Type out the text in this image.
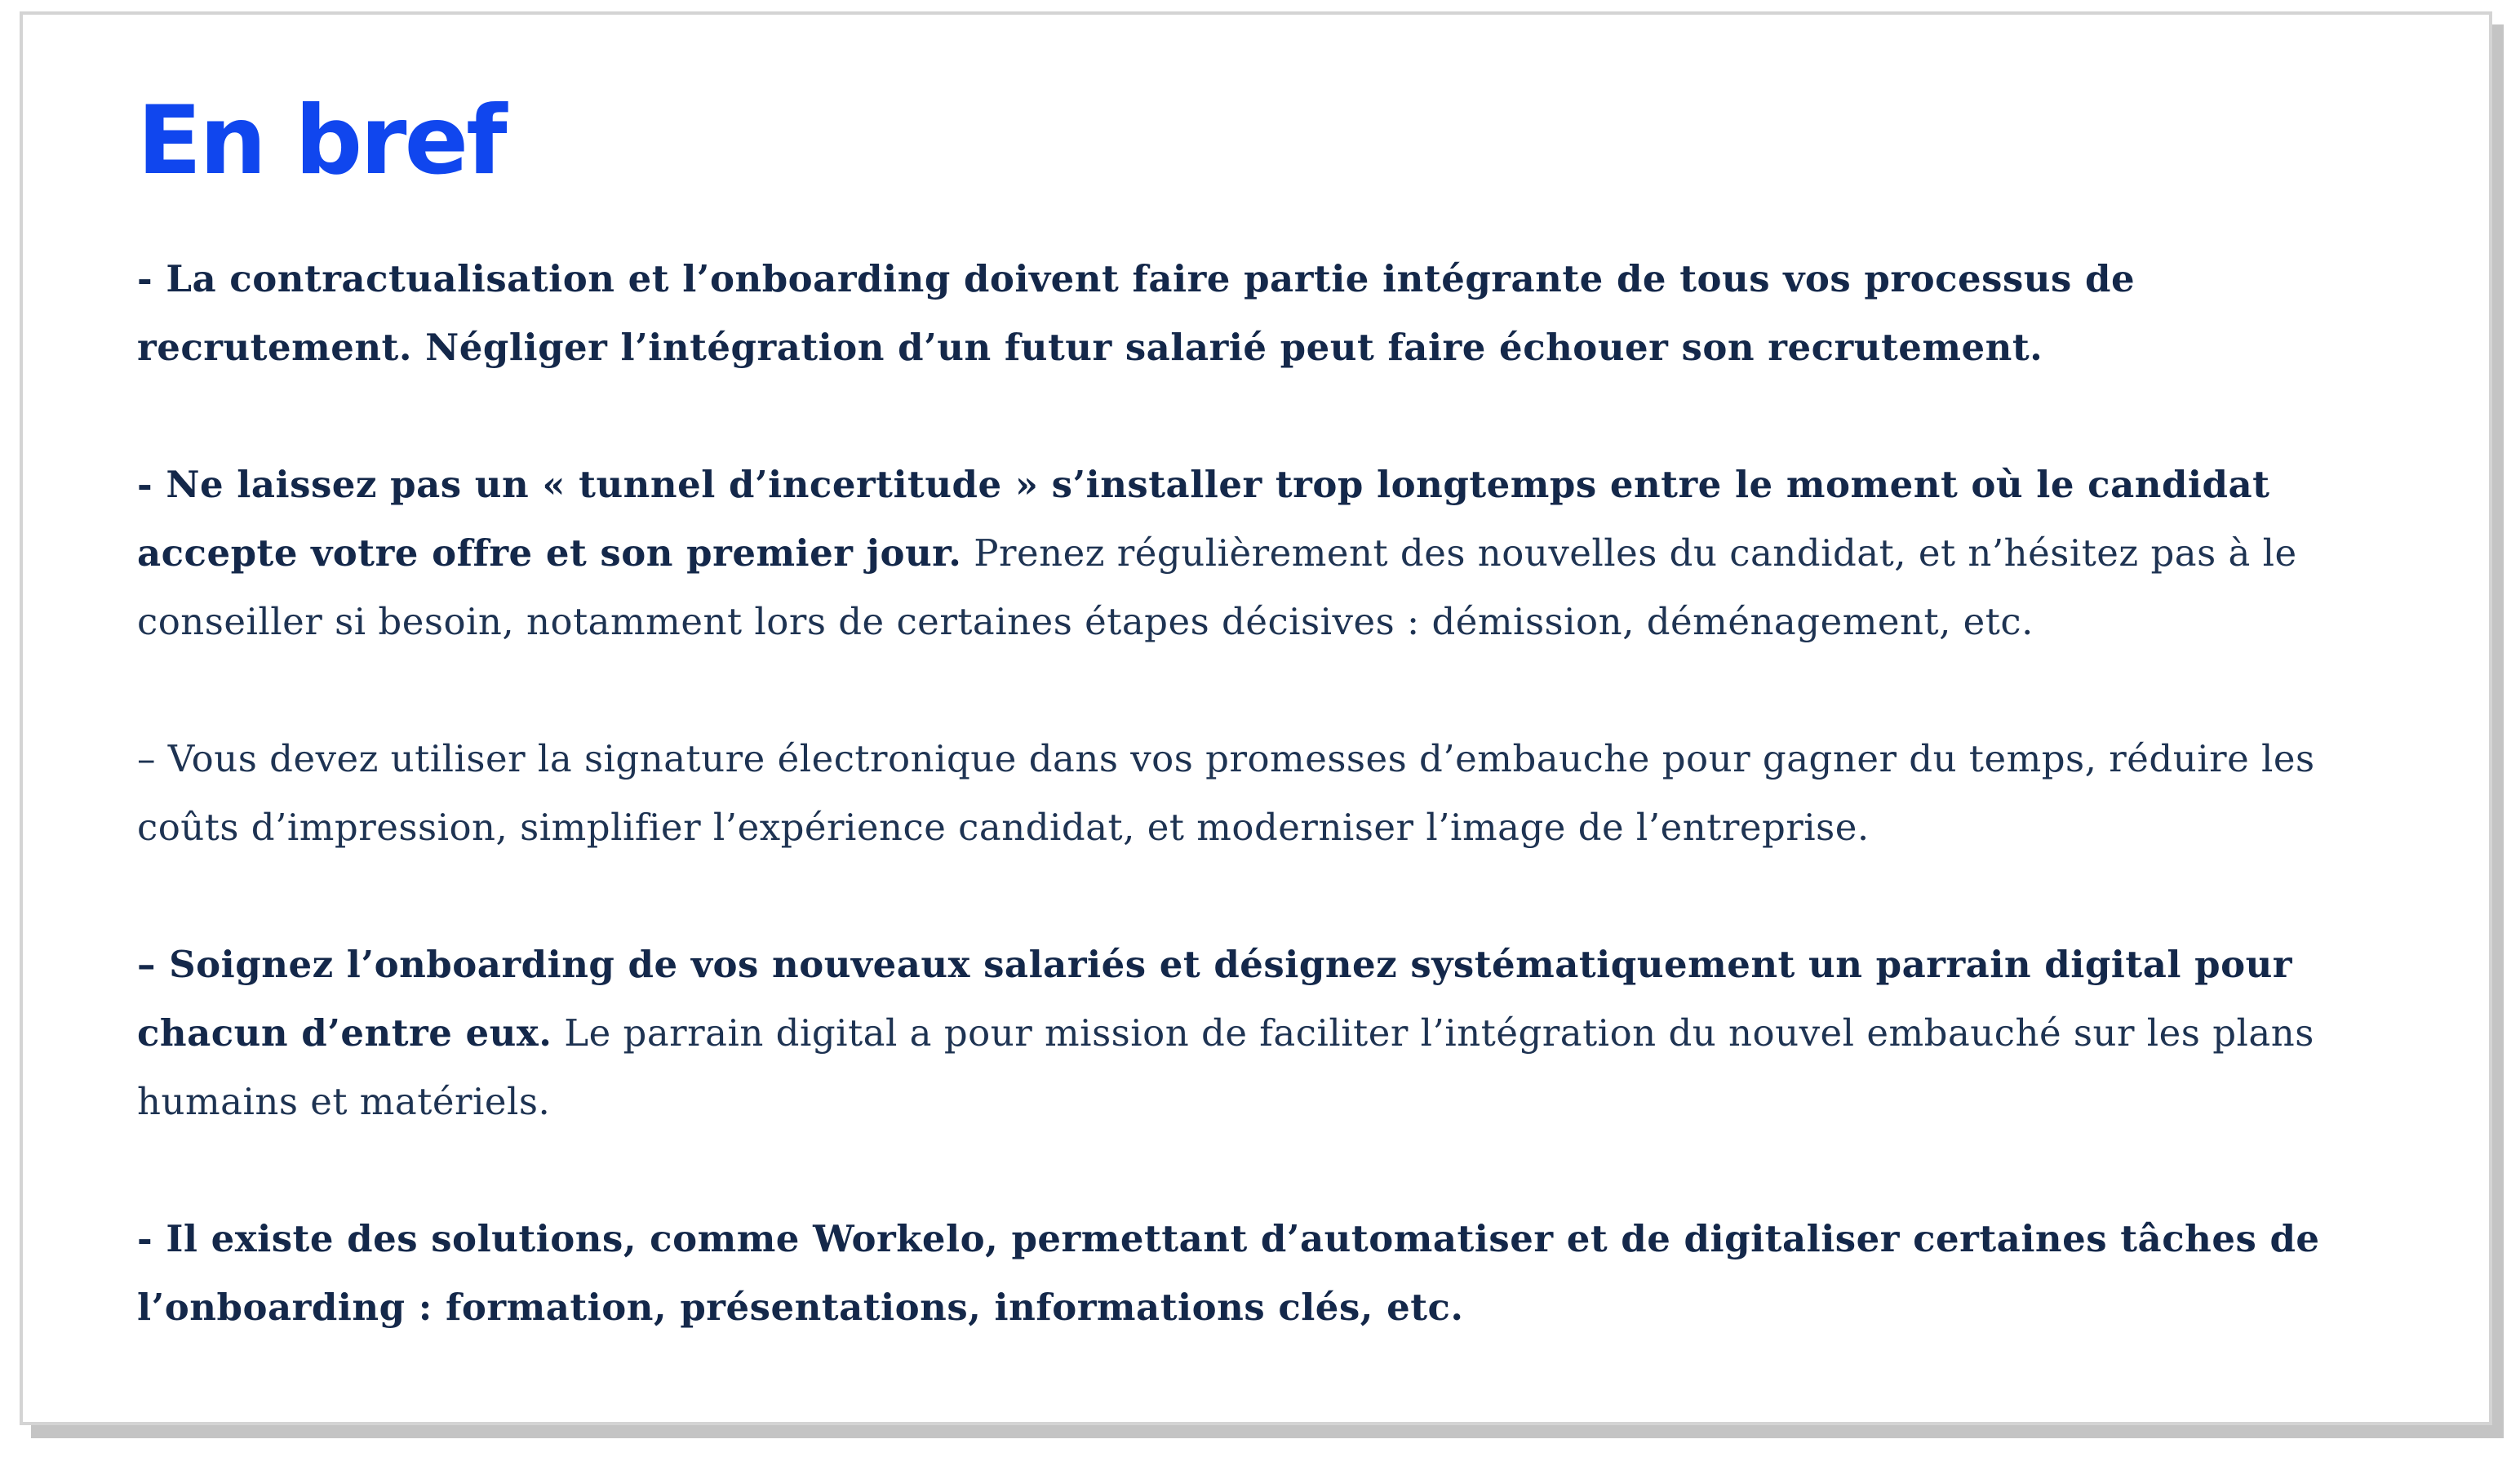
En bref

- La contractualisation et l’onboarding doivent faire partie intégrante de tous vos processus de recrutement. Négliger l’intégration d’un futur salarié peut faire échouer son recrutement.

- Ne laissez pas un « tunnel d’incertitude » s’installer trop longtemps entre le moment où le candidat accepte votre offre et son premier jour. Prenez régulièrement des nouvelles du candidat, et n’hésitez pas à le conseiller si besoin, notamment lors de certaines étapes décisives : démission, déménagement, etc.

– Vous devez utiliser la signature électronique dans vos promesses d’embauche pour gagner du temps, réduire les coûts d’impression, simplifier l’expérience candidat, et moderniser l’image de l’entreprise.

– Soignez l’onboarding de vos nouveaux salariés et désignez systématiquement un parrain digital pour chacun d’entre eux. Le parrain digital a pour mission de faciliter l’intégration du nouvel embauché sur les plans humains et matériels.

- Il existe des solutions, comme Workelo, permettant d’automatiser et de digitaliser certaines tâches de l’onboarding : formation, présentations, informations clés, etc.
